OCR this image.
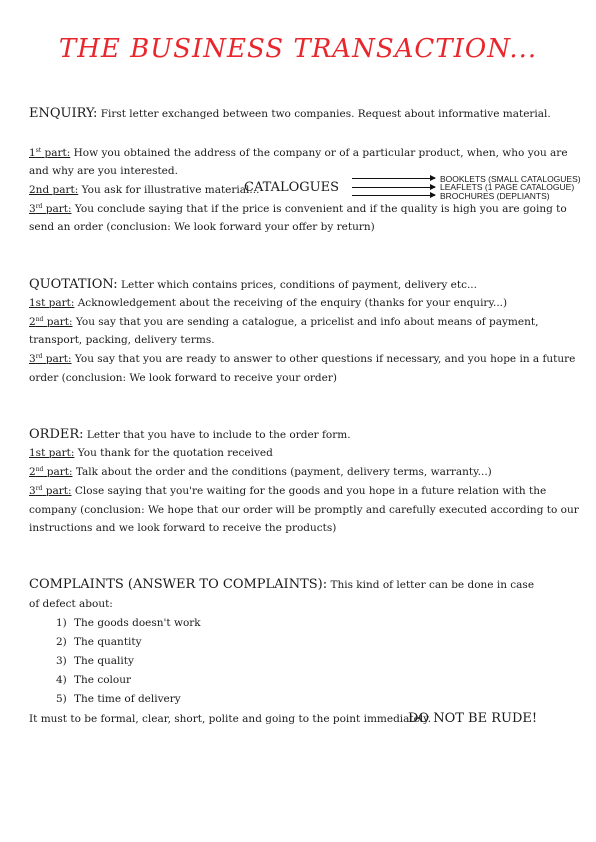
THE BUSINESS TRANSACTION...
ENQUIRY: First letter exchanged between two companies. Request about informative material.
1st part: How you obtained the address of the company or of a particular product, when, who you are
and why are you interested.
2nd part: You ask for illustrative material...
CATALOGUES
BOOKLETS (SMALL CATALOGUES)
LEAFLETS (1 PAGE CATALOGUE)
BROCHURES (DEPLIANTS)
3rd part: You conclude saying that if the price is convenient and if the quality is high you are going to
send an order (conclusion: We look forward your offer by return)
QUOTATION: Letter which contains prices, conditions of payment, delivery etc...
1st part: Acknowledgement about the receiving of the enquiry (thanks for your enquiry...)
2nd part: You say that you are sending a catalogue, a pricelist and info about means of payment,
transport, packing, delivery terms.
3rd part: You say that you are ready to answer to other questions if necessary, and you hope in a future
order (conclusion: We look forward to receive your order)
ORDER: Letter that you have to include to the order form.
1st part: You thank for the quotation received
2nd part: Talk about the order and the conditions (payment, delivery terms, warranty...)
3rd part: Close saying that you're waiting for the goods and you hope in a future relation with the
company (conclusion: We hope that our order will be promptly and carefully executed according to our
instructions and we look forward to receive the products)
COMPLAINTS (ANSWER TO COMPLAINTS): This kind of letter can be done in case
of defect about:
1) The goods doesn't work
2) The quantity
3) The quality
4) The colour
5) The time of delivery
It must to be formal, clear, short, polite and going to the point immediately.
DO NOT BE RUDE!
